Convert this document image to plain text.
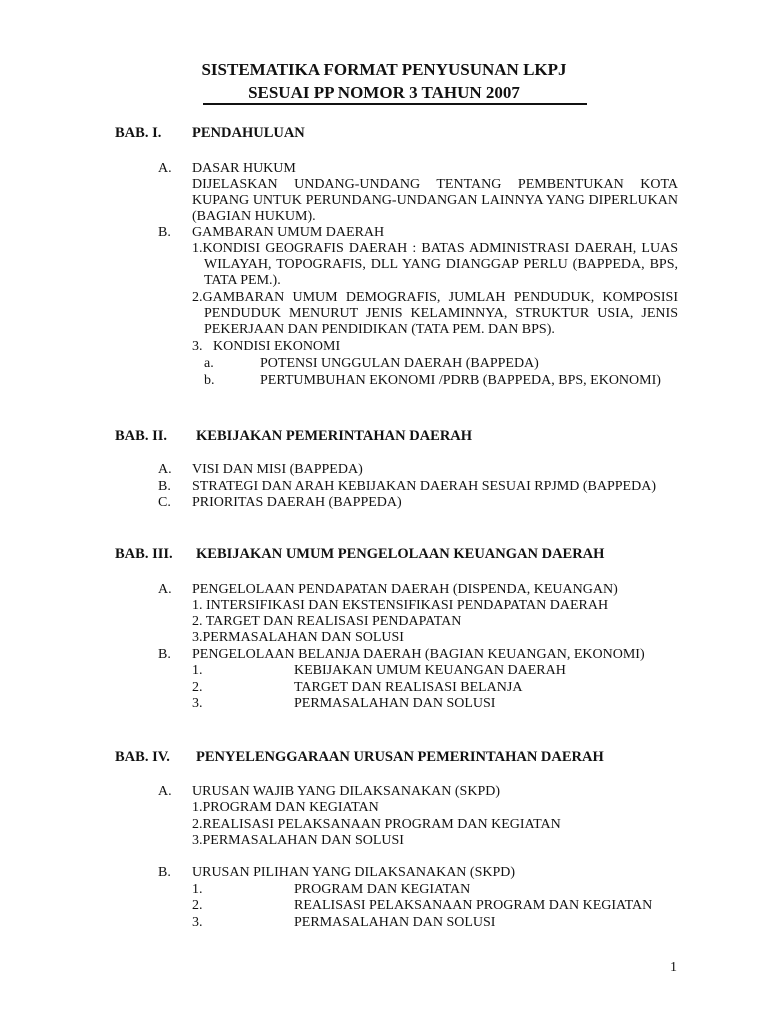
SISTEMATIKA FORMAT PENYUSUNAN LKPJ
SESUAI PP NOMOR 3 TAHUN 2007
BAB. I. PENDAHULUAN
A. DASAR HUKUM
DIJELASKAN UNDANG-UNDANG TENTANG PEMBENTUKAN KOTA
KUPANG UNTUK PERUNDANG-UNDANGAN LAINNYA YANG DIPERLUKAN
(BAGIAN HUKUM).
B. GAMBARAN UMUM DAERAH
1.KONDISI GEOGRAFIS DAERAH : BATAS ADMINISTRASI DAERAH, LUAS
WILAYAH, TOPOGRAFIS, DLL YANG DIANGGAP PERLU (BAPPEDA, BPS,
TATA PEM.).
2.GAMBARAN UMUM DEMOGRAFIS, JUMLAH PENDUDUK, KOMPOSISI
PENDUDUK MENURUT JENIS KELAMINNYA, STRUKTUR USIA, JENIS
PEKERJAAN DAN PENDIDIKAN (TATA PEM. DAN BPS).
3. KONDISI EKONOMI
a.	POTENSI UNGGULAN DAERAH (BAPPEDA)
b.	PERTUMBUHAN EKONOMI /PDRB (BAPPEDA, BPS, EKONOMI)
BAB. II. KEBIJAKAN PEMERINTAHAN DAERAH
A. VISI DAN MISI (BAPPEDA)
B. STRATEGI DAN ARAH KEBIJAKAN DAERAH SESUAI RPJMD (BAPPEDA)
C. PRIORITAS DAERAH (BAPPEDA)
BAB. III. KEBIJAKAN UMUM PENGELOLAAN KEUANGAN DAERAH
A. PENGELOLAAN PENDAPATAN DAERAH (DISPENDA, KEUANGAN)
1. INTERSIFIKASI DAN EKSTENSIFIKASI PENDAPATAN DAERAH
2. TARGET DAN REALISASI PENDAPATAN
3.PERMASALAHAN DAN SOLUSI
B. PENGELOLAAN BELANJA DAERAH (BAGIAN KEUANGAN, EKONOMI)
1.	KEBIJAKAN UMUM KEUANGAN DAERAH
2.	TARGET DAN REALISASI BELANJA
3.	PERMASALAHAN DAN SOLUSI
BAB. IV. PENYELENGGARAAN URUSAN PEMERINTAHAN DAERAH
A. URUSAN WAJIB YANG DILAKSANAKAN (SKPD)
1.PROGRAM DAN KEGIATAN
2.REALISASI PELAKSANAAN PROGRAM DAN KEGIATAN
3.PERMASALAHAN DAN SOLUSI
B. URUSAN PILIHAN YANG DILAKSANAKAN (SKPD)
1.	PROGRAM DAN KEGIATAN
2.	REALISASI PELAKSANAAN PROGRAM DAN KEGIATAN
3.	PERMASALAHAN DAN SOLUSI
1
